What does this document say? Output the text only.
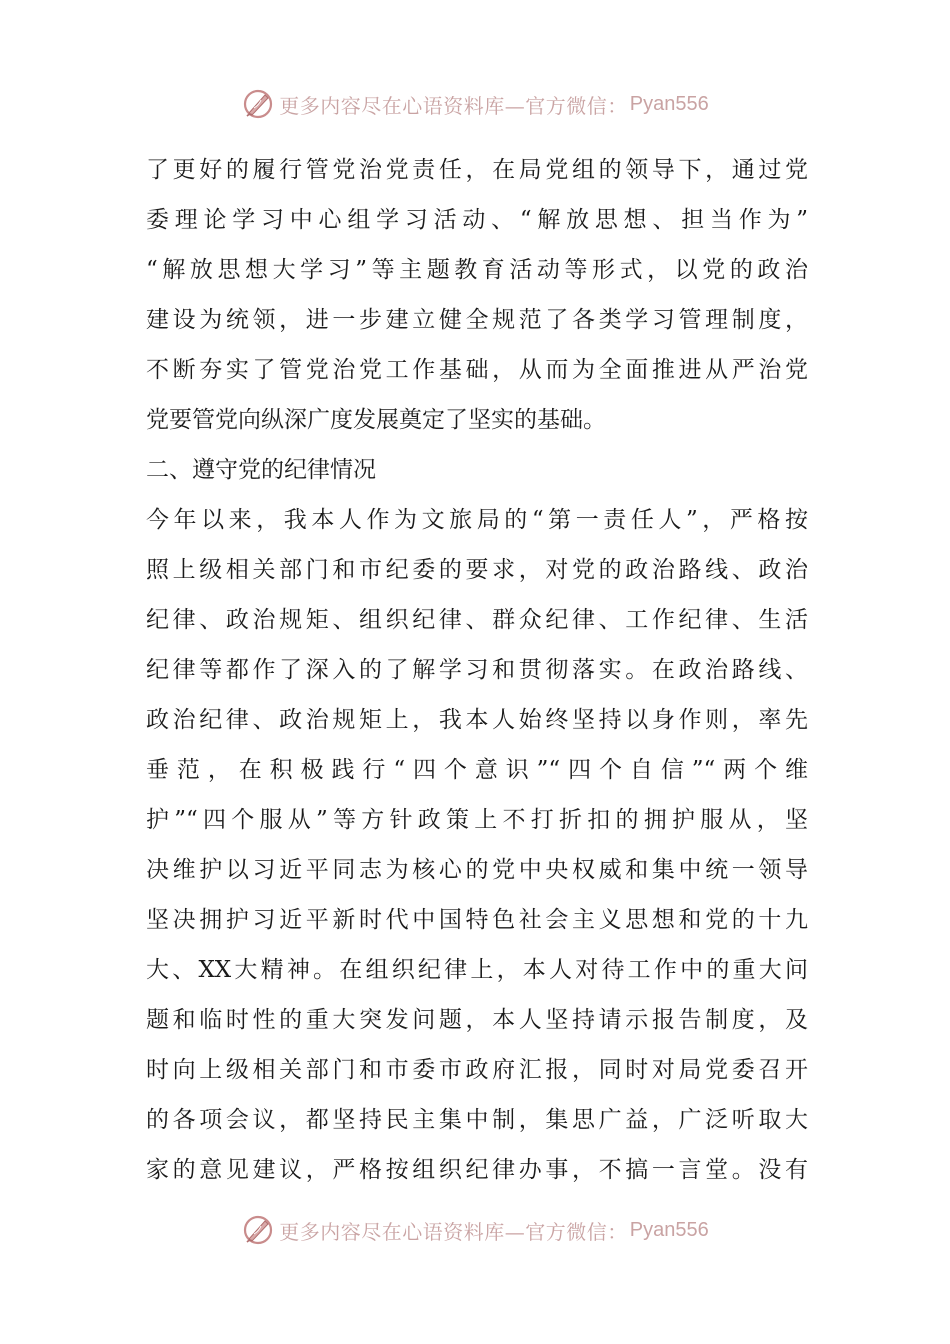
更多内容尽在心语资料库—官方微信： Pyan556
了更好的履行管党治党责任，在局党组的领导下，通过党
委理论学习中心组学习活动、“解放思想、担当作为”
“解放思想大学习”等主题教育活动等形式，以党的政治
建设为统领，进一步建立健全规范了各类学习管理制度，
不断夯实了管党治党工作基础，从而为全面推进从严治党
党要管党向纵深广度发展奠定了坚实的基础。
二、遵守党的纪律情况
今年以来，我本人作为文旅局的“第一责任人”，严格按
照上级相关部门和市纪委的要求，对党的政治路线、政治
纪律、政治规矩、组织纪律、群众纪律、工作纪律、生活
纪律等都作了深入的了解学习和贯彻落实。在政治路线、
政治纪律、政治规矩上，我本人始终坚持以身作则，率先
垂范，在积极践行“四个意识”“四个自信”“两个维
护”“四个服从”等方针政策上不打折扣的拥护服从，坚
决维护以习近平同志为核心的党中央权威和集中统一领导
坚决拥护习近平新时代中国特色社会主义思想和党的十九
大、XX大精神。在组织纪律上，本人对待工作中的重大问
题和临时性的重大突发问题，本人坚持请示报告制度，及
时向上级相关部门和市委市政府汇报，同时对局党委召开
的各项会议，都坚持民主集中制，集思广益，广泛听取大
家的意见建议，严格按组织纪律办事，不搞一言堂。没有
更多内容尽在心语资料库—官方微信： Pyan556
